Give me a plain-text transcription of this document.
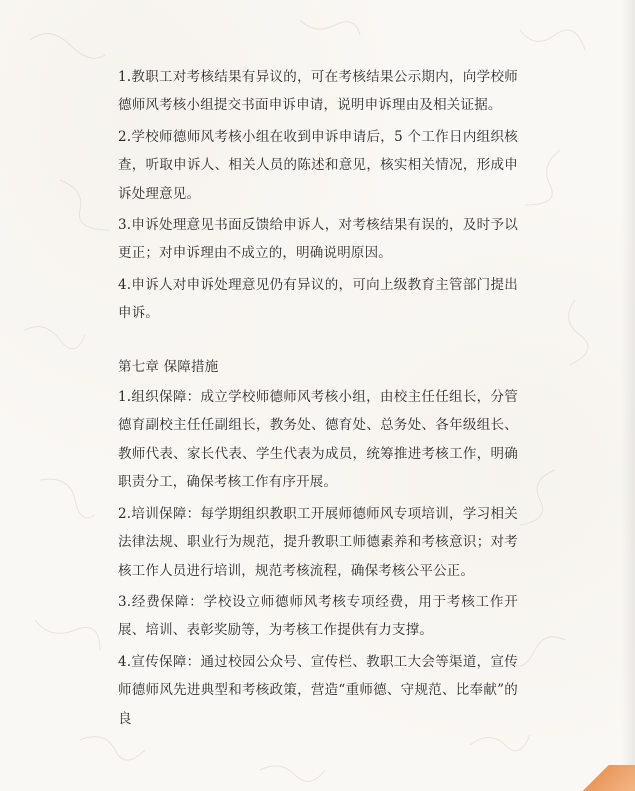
1.教职工对考核结果有异议的，可在考核结果公示期内，向学校师德师风考核小组提交书面申诉申请，说明申诉理由及相关证据。

2.学校师德师风考核小组在收到申诉申请后，5 个工作日内组织核查，听取申诉人、相关人员的陈述和意见，核实相关情况，形成申诉处理意见。

3.申诉处理意见书面反馈给申诉人，对考核结果有误的，及时予以更正；对申诉理由不成立的，明确说明原因。

4.申诉人对申诉处理意见仍有异议的，可向上级教育主管部门提出申诉。

第七章 保障措施

1.组织保障：成立学校师德师风考核小组，由校主任任组长，分管德育副校主任任副组长，教务处、德育处、总务处、各年级组长、教师代表、家长代表、学生代表为成员，统筹推进考核工作，明确职责分工，确保考核工作有序开展。

2.培训保障：每学期组织教职工开展师德师风专项培训，学习相关法律法规、职业行为规范，提升教职工师德素养和考核意识；对考核工作人员进行培训，规范考核流程，确保考核公平公正。

3.经费保障：学校设立师德师风考核专项经费，用于考核工作开展、培训、表彰奖励等，为考核工作提供有力支撑。

4.宣传保障：通过校园公众号、宣传栏、教职工大会等渠道，宣传师德师风先进典型和考核政策，营造“重师德、守规范、比奉献”的良
